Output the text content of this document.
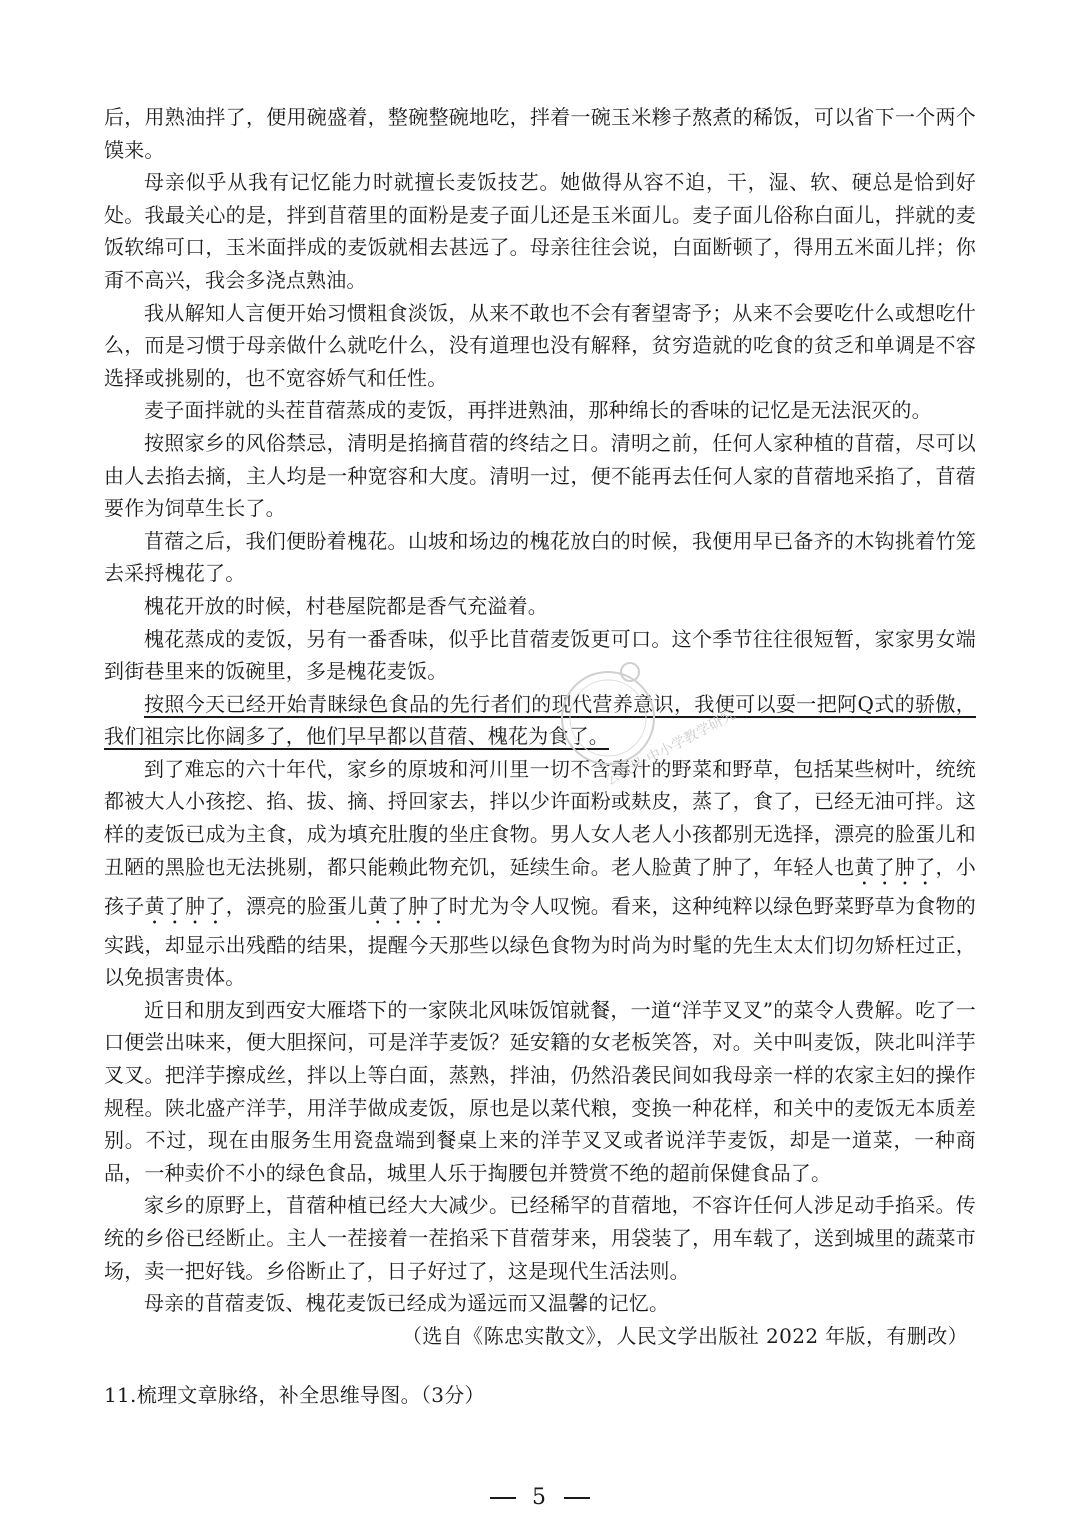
后，用熟油拌了，便用碗盛着，整碗整碗地吃，拌着一碗玉米糁子熬煮的稀饭，可以省下一个两个馍来。

母亲似乎从我有记忆能力时就擅长麦饭技艺。她做得从容不迫，干，湿、软、硬总是恰到好处。我最关心的是，拌到苜蓿里的面粉是麦子面儿还是玉米面儿。麦子面儿俗称白面儿，拌就的麦饭软绵可口，玉米面拌成的麦饭就相去甚远了。母亲往往会说，白面断顿了，得用五米面儿拌；你甭不高兴，我会多浇点熟油。

我从解知人言便开始习惯粗食淡饭，从来不敢也不会有奢望寄予；从来不会要吃什么或想吃什么，而是习惯于母亲做什么就吃什么，没有道理也没有解释，贫穷造就的吃食的贫乏和单调是不容选择或挑剔的，也不宽容娇气和任性。

麦子面拌就的头茬苜蓿蒸成的麦饭，再拌进熟油，那种绵长的香味的记忆是无法泯灭的。

按照家乡的风俗禁忌，清明是掐摘苜蓿的终结之日。清明之前，任何人家种植的苜蓿，尽可以由人去掐去摘，主人均是一种宽容和大度。清明一过，便不能再去任何人家的苜蓿地采掐了，苜蓿要作为饲草生长了。

苜蓿之后，我们便盼着槐花。山坡和场边的槐花放白的时候，我便用早已备齐的木钩挑着竹笼去采捋槐花了。

槐花开放的时候，村巷屋院都是香气充溢着。

槐花蒸成的麦饭，另有一番香味，似乎比苜蓿麦饭更可口。这个季节往往很短暂，家家男女端到街巷里来的饭碗里，多是槐花麦饭。

按照今天已经开始青睐绿色食品的先行者们的现代营养意识，我便可以耍一把阿Q式的骄傲，我们祖宗比你阔多了，他们早早都以苜蓿、槐花为食了。

到了难忘的六十年代，家乡的原坡和河川里一切不含毒汁的野菜和野草，包括某些树叶，统统都被大人小孩挖、掐、拔、摘、捋回家去，拌以少许面粉或麸皮，蒸了，食了，已经无油可拌。这样的麦饭已成为主食，成为填充肚腹的坐庄食物。男人女人老人小孩都别无选择，漂亮的脸蛋儿和丑陋的黑脸也无法挑剔，都只能赖此物充饥，延续生命。老人脸黄了肿了，年轻人也黄了肿了，小孩子黄了肿了，漂亮的脸蛋儿黄了肿了时尤为令人叹惋。看来，这种纯粹以绿色野菜野草为食物的实践，却显示出残酷的结果，提醒今天那些以绿色食物为时尚为时髦的先生太太们切勿矫枉过正，以免损害贵体。

近日和朋友到西安大雁塔下的一家陕北风味饭馆就餐，一道“洋芋叉叉”的菜令人费解。吃了一口便尝出味来，便大胆探问，可是洋芋麦饭？延安籍的女老板笑答，对。关中叫麦饭，陕北叫洋芋叉叉。把洋芋擦成丝，拌以上等白面，蒸熟，拌油，仍然沿袭民间如我母亲一样的农家主妇的操作规程。陕北盛产洋芋，用洋芋做成麦饭，原也是以菜代粮，变换一种花样，和关中的麦饭无本质差别。不过，现在由服务生用瓷盘端到餐桌上来的洋芋叉叉或者说洋芋麦饭，却是一道菜，一种商品，一种卖价不小的绿色食品，城里人乐于掏腰包并赞赏不绝的超前保健食品了。

家乡的原野上，苜蓿种植已经大大减少。已经稀罕的苜蓿地，不容许任何人涉足动手掐采。传统的乡俗已经断止。主人一茬接着一茬掐采下苜蓿芽来，用袋装了，用车载了，送到城里的蔬菜市场，卖一把好钱。乡俗断止了，日子好过了，这是现代生活法则。

母亲的苜蓿麦饭、槐花麦饭已经成为遥远而又温馨的记忆。

（选自《陈忠实散文》，人民文学出版社 2022 年版，有删改）

11.梳理文章脉络，补全思维导图。（3分）
公众号·中小学教学研究
5
